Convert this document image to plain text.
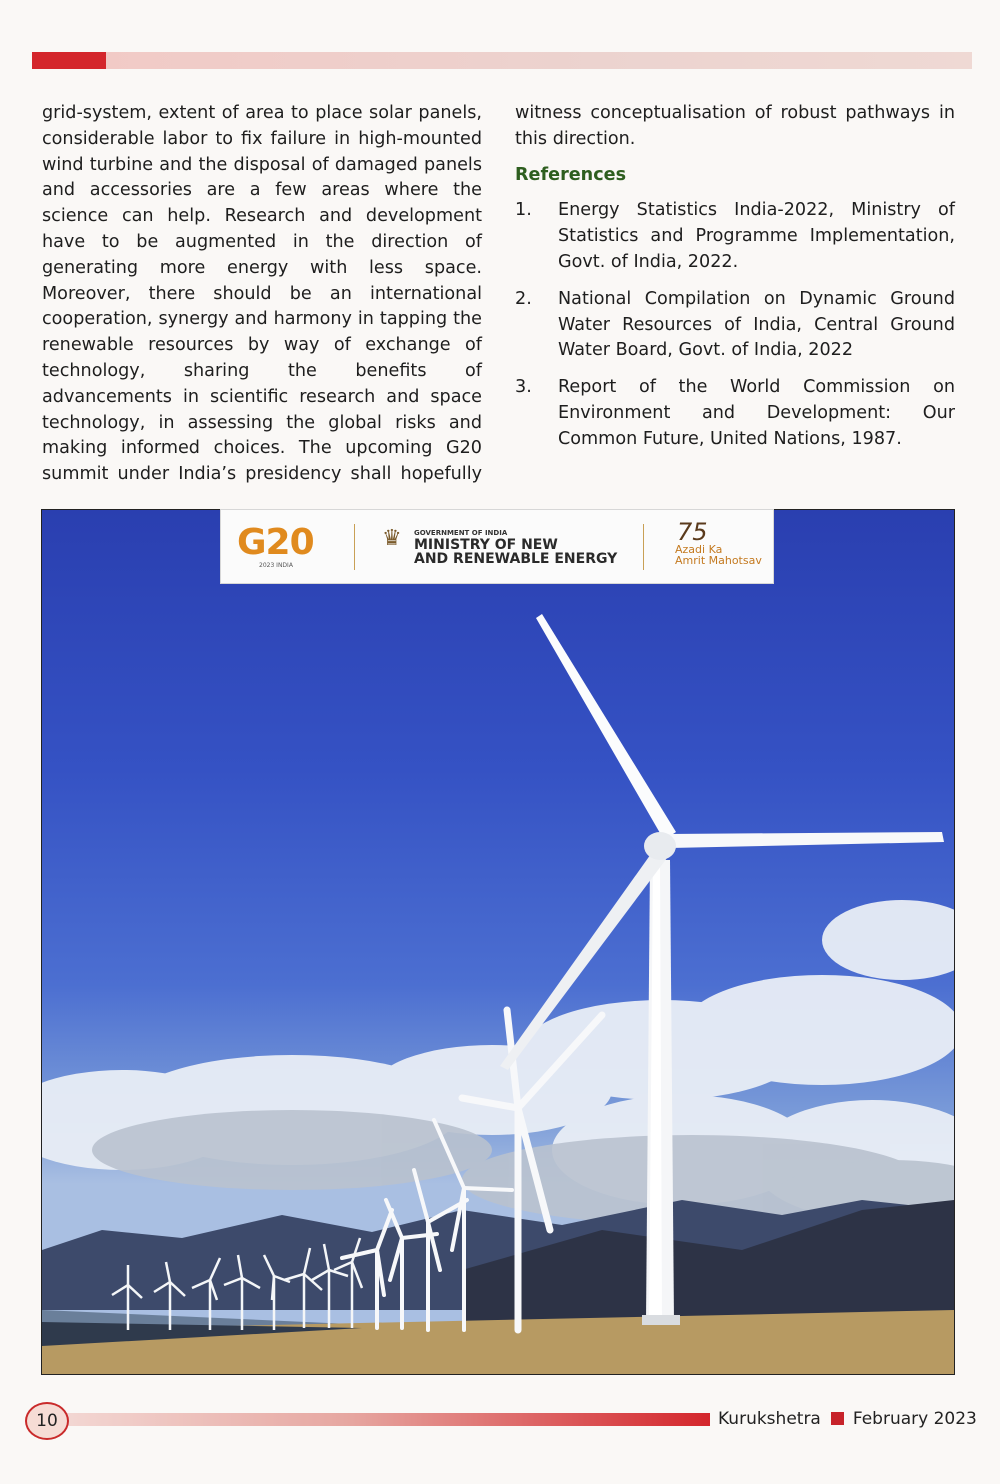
grid-system, extent of area to place solar panels, considerable labor to fix failure in high-mounted wind turbine and the disposal of damaged panels and accessories are a few areas where the science can help. Research and development have to be augmented in the direction of generating more energy with less space. Moreover, there should be an international cooperation, synergy and harmony in tapping the renewable resources by way of exchange of technology, sharing the benefits of advancements in scientific research and space technology, in assessing the global risks and making informed choices. The upcoming G20 summit under India’s presidency shall hopefully

witness conceptualisation of robust pathways in this direction.

References
1.	Energy Statistics India-2022, Ministry of Statistics and Programme Implementation, Govt. of India, 2022.
2.	National Compilation on Dynamic Ground Water Resources of India, Central Ground Water Board, Govt. of India, 2022
3.	Report of the World Commission on Environment and Development: Our Common Future, United Nations, 1987.
G20
2023 INDIA
♛ GOVERNMENT OF INDIA
MINISTRY OF NEW
AND RENEWABLE ENERGY
75
Azadi Ka
Amrit Mahotsav
10	Kurukshetra February 2023
